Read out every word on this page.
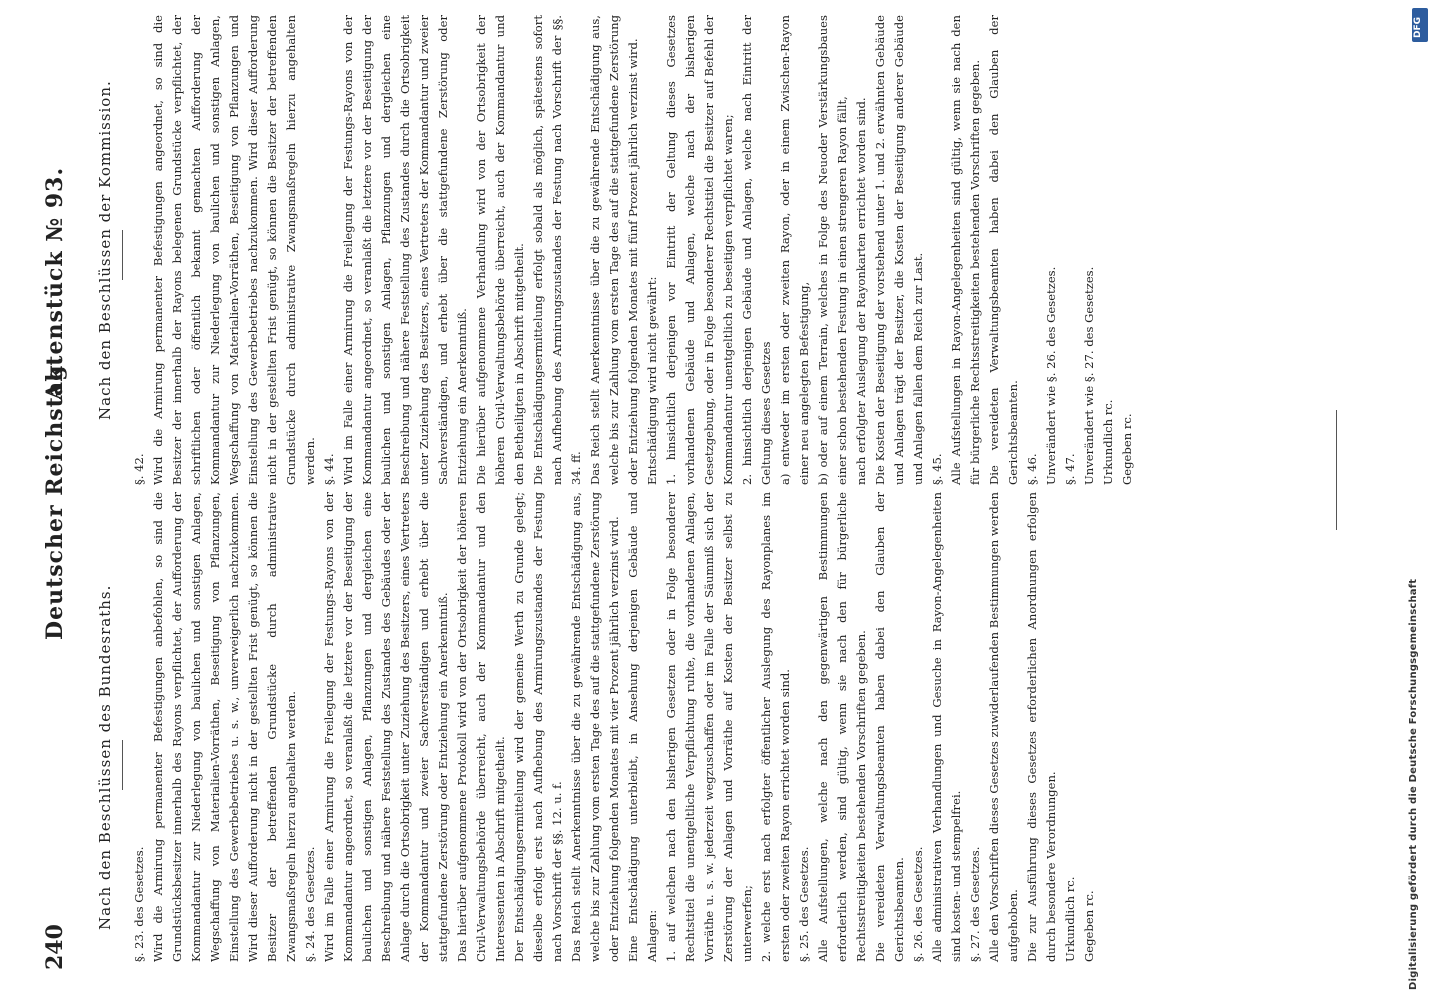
240
Deutscher Reichstag.
Aktenstück № 93.
Nach den Beschlüssen des Bundesraths.
Nach den Beschlüssen der Kommission.
§. 23. des Gesetzes.
Wird die Armirung permanenter Befestigungen anbefohlen, so sind die Grundstücksbesitzer innerhalb des Rayons verpflichtet, der Aufforderung der Kommandantur zur Niederlegung von baulichen und sonstigen Anlagen, Wegschaffung von Materialien-Vorräthen, Beseitigung von Pflanzungen, Einstellung des Gewerbebetriebes u. s. w., unverweigerlich nachzukommen. Wird dieser Aufforderung nicht in der gestellten Frist genügt, so können die Besitzer der betreffenden Grundstücke durch administrative Zwangsmaßregeln hierzu angehalten werden.
§. 24. des Gesetzes.
Wird im Falle einer Armirung die Freilegung der Festungs-Rayons von der Kommandantur angeordnet, so veranlaßt die letztere vor der Beseitigung der baulichen und sonstigen Anlagen, Pflanzungen und dergleichen eine Beschreibung und nähere Feststellung des Zustandes des Gebäudes oder der Anlage durch die Ortsobrigkeit unter Zuziehung des Besitzers, eines Vertreters der Kommandantur und zweier Sachverständigen und erhebt über die stattgefundene Zerstörung oder Entziehung ein Anerkenntniß.
Das hierüber aufgenommene Protokoll wird von der Ortsobrigkeit der höheren Civil-Verwaltungsbehörde überreicht, auch der Kommandantur und den Interessenten in Abschrift mitgetheilt.
Der Entschädigungsermittelung wird der gemeine Werth zu Grunde gelegt; dieselbe erfolgt erst nach Aufhebung des Armirungszustandes der Festung nach Vorschrift der §§. 12. u. f.
Das Reich stellt Anerkenntnisse über die zu gewährende Entschädigung aus, welche bis zur Zahlung vom ersten Tage des auf die stattgefundene Zerstörung oder Entziehung folgenden Monates mit vier Prozent jährlich verzinst wird.
Eine Entschädigung unterbleibt, in Ansehung derjenigen Gebäude und Anlagen:
1. auf welchen nach den bisherigen Gesetzen oder in Folge besonderer Rechtstitel die unentgeltliche Verpflichtung ruhte, die vorhandenen Anlagen, Vorräthe u. s. w. jederzeit wegzuschaffen oder im Falle der Säumniß sich der Zerstörung der Anlagen und Vorräthe auf Kosten der Besitzer selbst zu unterwerfen;
2. welche erst nach erfolgter öffentlicher Auslegung des Rayonplanes im ersten oder zweiten Rayon errichtet worden sind.
§. 25. des Gesetzes.
Alle Aufstellungen, welche nach den gegenwärtigen Bestimmungen erforderlich werden, sind gültig, wenn sie nach den für bürgerliche Rechtsstreitigkeiten bestehenden Vorschriften gegeben.
Die vereideten Verwaltungsbeamten haben dabei den Glauben der Gerichtsbeamten.
§. 26. des Gesetzes.
Alle administrativen Verhandlungen und Gesuche in Rayon-Angelegenheiten sind kosten- und stempelfrei.
§. 27. des Gesetzes.
Alle den Vorschriften dieses Gesetzes zuwiderlaufenden Bestimmungen werden aufgehoben.
Die zur Ausführung dieses Gesetzes erforderlichen Anordnungen erfolgen durch besondere Verordnungen.
Urkundlich rc.
Gegeben rc.
§. 42.
Wird die Armirung permanenter Befestigungen angeordnet, so sind die Besitzer der innerhalb der Rayons belegenen Grundstücke verpflichtet, der schriftlichen oder öffentlich bekannt gemachten Aufforderung der Kommandantur zur Niederlegung von baulichen und sonstigen Anlagen, Wegschaffung von Materialien-Vorräthen, Beseitigung von Pflanzungen und Einstellung des Gewerbebetriebes nachzukommen. Wird dieser Aufforderung nicht in der gestellten Frist genügt, so können die Besitzer der betreffenden Grundstücke durch administrative Zwangsmaßregeln hierzu angehalten werden.
§. 44.
Wird im Falle einer Armirung die Freilegung der Festungs-Rayons von der Kommandantur angeordnet, so veranlaßt die letztere vor der Beseitigung der baulichen und sonstigen Anlagen, Pflanzungen und dergleichen eine Beschreibung und nähere Feststellung des Zustandes durch die Ortsobrigkeit unter Zuziehung des Besitzers, eines Vertreters der Kommandantur und zweier Sachverständigen, und erhebt über die stattgefundene Zerstörung oder Entziehung ein Anerkenntniß.
Die hierüber aufgenommene Verhandlung wird von der Ortsobrigkeit der höheren Civil-Verwaltungsbehörde überreicht, auch der Kommandantur und den Betheiligten in Abschrift mitgetheilt.
Die Entschädigungsermittelung erfolgt sobald als möglich, spätestens sofort nach Aufhebung des Armirungszustandes der Festung nach Vorschrift der §§. 34. ff.
Das Reich stellt Anerkenntnisse über die zu gewährende Entschädigung aus, welche bis zur Zahlung vom ersten Tage des auf die stattgefundene Zerstörung oder Entziehung folgenden Monates mit fünf Prozent jährlich verzinst wird.
Entschädigung wird nicht gewährt:
1. hinsichtlich derjenigen vor Eintritt der Geltung dieses Gesetzes vorhandenen Gebäude und Anlagen, welche nach der bisherigen Gesetzgebung, oder in Folge besonderer Rechtstitel die Besitzer auf Befehl der Kommandantur unentgeltlich zu beseitigen verpflichtet waren;
2. hinsichtlich derjenigen Gebäude und Anlagen, welche nach Eintritt der Geltung dieses Gesetzes
a) entweder im ersten oder zweiten Rayon, oder in einem Zwischen-Rayon einer neu angelegten Befestigung,
b) oder auf einem Terrain, welches in Folge des Neuoder Verstärkungsbaues einer schon bestehenden Festung in einen strengeren Rayon fällt,
nach erfolgter Auslegung der Rayonkarten errichtet worden sind.
Die Kosten der Beseitigung der vorstehend unter 1. und 2. erwähnten Gebäude und Anlagen trägt der Besitzer, die Kosten der Beseitigung anderer Gebäude und Anlagen fallen dem Reich zur Last.
§. 45.
Alle Aufstellungen in Rayon-Angelegenheiten sind gültig, wenn sie nach den für bürgerliche Rechtsstreitigkeiten bestehenden Vorschriften gegeben.
Die vereideten Verwaltungsbeamten haben dabei den Glauben der Gerichtsbeamten.
§. 46.
Unverändert wie §. 26. des Gesetzes.
§. 47.
Unverändert wie §. 27. des Gesetzes.
Urkundlich rc.
Gegeben rc.
Digitalisierung gefördert durch die Deutsche Forschungsgemeinschaft
DFG
